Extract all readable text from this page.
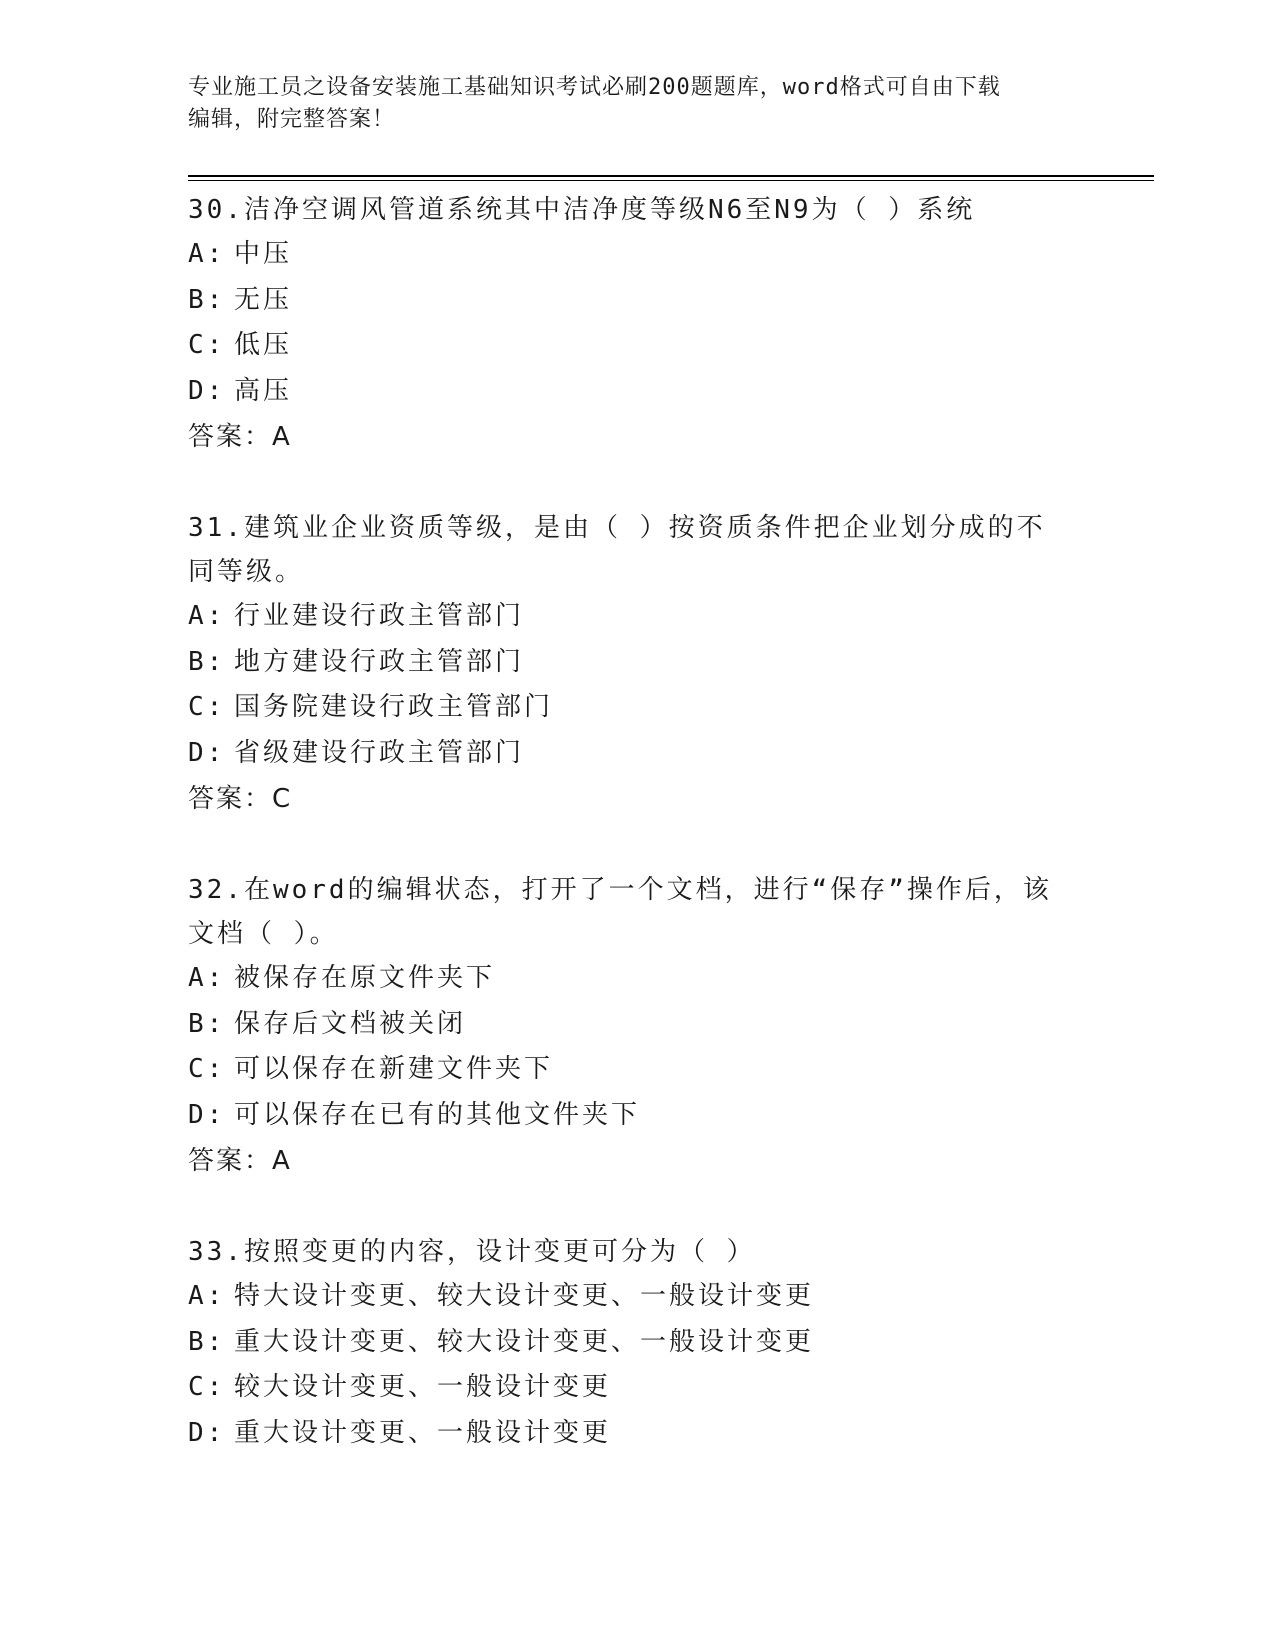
专业施工员之设备安装施工基础知识考试必刷200题题库，word格式可自由下载
编辑，附完整答案！

30.洁净空调风管道系统其中洁净度等级N6至N9为（ ）系统

A: 中压

B: 无压

C: 低压

D: 高压

答案：A

31.建筑业企业资质等级，是由（ ）按资质条件把企业划分成的不同等级。

A: 行业建设行政主管部门

B: 地方建设行政主管部门

C: 国务院建设行政主管部门

D: 省级建设行政主管部门

答案：C

32.在word的编辑状态，打开了一个文档，进行“保存”操作后，该文档（ ）。

A: 被保存在原文件夹下

B: 保存后文档被关闭

C: 可以保存在新建文件夹下

D: 可以保存在已有的其他文件夹下

答案：A

33.按照变更的内容，设计变更可分为（ ）

A: 特大设计变更、较大设计变更、一般设计变更

B: 重大设计变更、较大设计变更、一般设计变更

C: 较大设计变更、一般设计变更

D: 重大设计变更、一般设计变更
